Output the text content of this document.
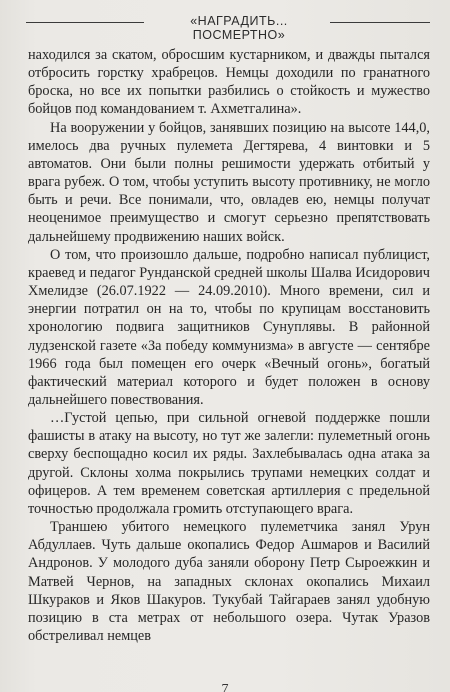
«НАГРАДИТЬ... ПОСМЕРТНО»

находился за скатом, обросшим кустарником, и дважды пытался отбросить горстку храбрецов. Немцы доходили по гранатного броска, но все их попытки разбились о стойкость и мужество бойцов под командованием т. Ахметгалина».

На вооружении у бойцов, занявших позицию на высоте 144,0, имелось два ручных пулемета Дегтярева, 4 винтовки и 5 автоматов. Они были полны решимости удержать отбитый у врага рубеж. О том, чтобы уступить высоту противнику, не могло быть и речи. Все понимали, что, овладев ею, немцы получат неоценимое преимущество и смогут серьезно препятствовать дальнейшему продвижению наших войск.

О том, что произошло дальше, подробно написал публицист, краевед и педагог Рунданской средней школы Шалва Исидорович Хмелидзе (26.07.1922 — 24.09.2010). Много времени, сил и энергии потратил он на то, чтобы по крупицам восстановить хронологию подвига защитников Сунуплявы. В районной лудзенской газете «За победу коммунизма» в августе — сентябре 1966 года был помещен его очерк «Вечный огонь», богатый фактический материал которого и будет положен в основу дальнейшего повествования.

…Густой цепью, при сильной огневой поддержке пошли фашисты в атаку на высоту, но тут же залегли: пулеметный огонь сверху беспощадно косил их ряды. Захлебывалась одна атака за другой. Склоны холма покрылись трупами немецких солдат и офицеров. А тем временем советская артиллерия с предельной точностью продолжала громить отступающего врага.

Траншею убитого немецкого пулеметчика занял Урун Абдуллаев. Чуть дальше окопались Федор Ашмаров и Василий Андронов. У молодого дуба заняли оборону Петр Сыроежкин и Матвей Чернов, на западных склонах окопались Михаил Шкураков и Яков Шакуров. Тукубай Тайгараев занял удобную позицию в ста метрах от небольшого озера. Чутак Уразов обстреливал немцев

7
